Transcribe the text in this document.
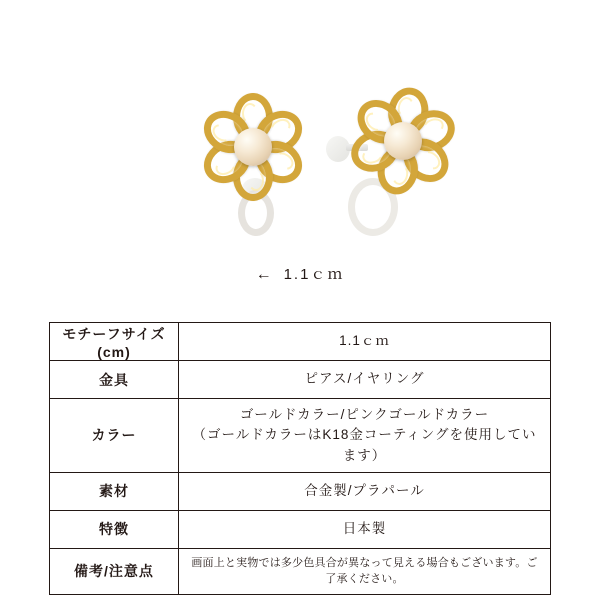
← 1.1ｃｍ
モチーフサイズ(cm)	1.1ｃｍ

金具	ピアス/イヤリング

カラー	ゴールドカラー/ピンクゴールドカラー
（ゴールドカラーはK18金コーティングを使用しています）

素材	合金製/プラパール

特徴	日本製

備考/注意点	画面上と実物では多少色具合が異なって見える場合もございます。ご了承ください。
